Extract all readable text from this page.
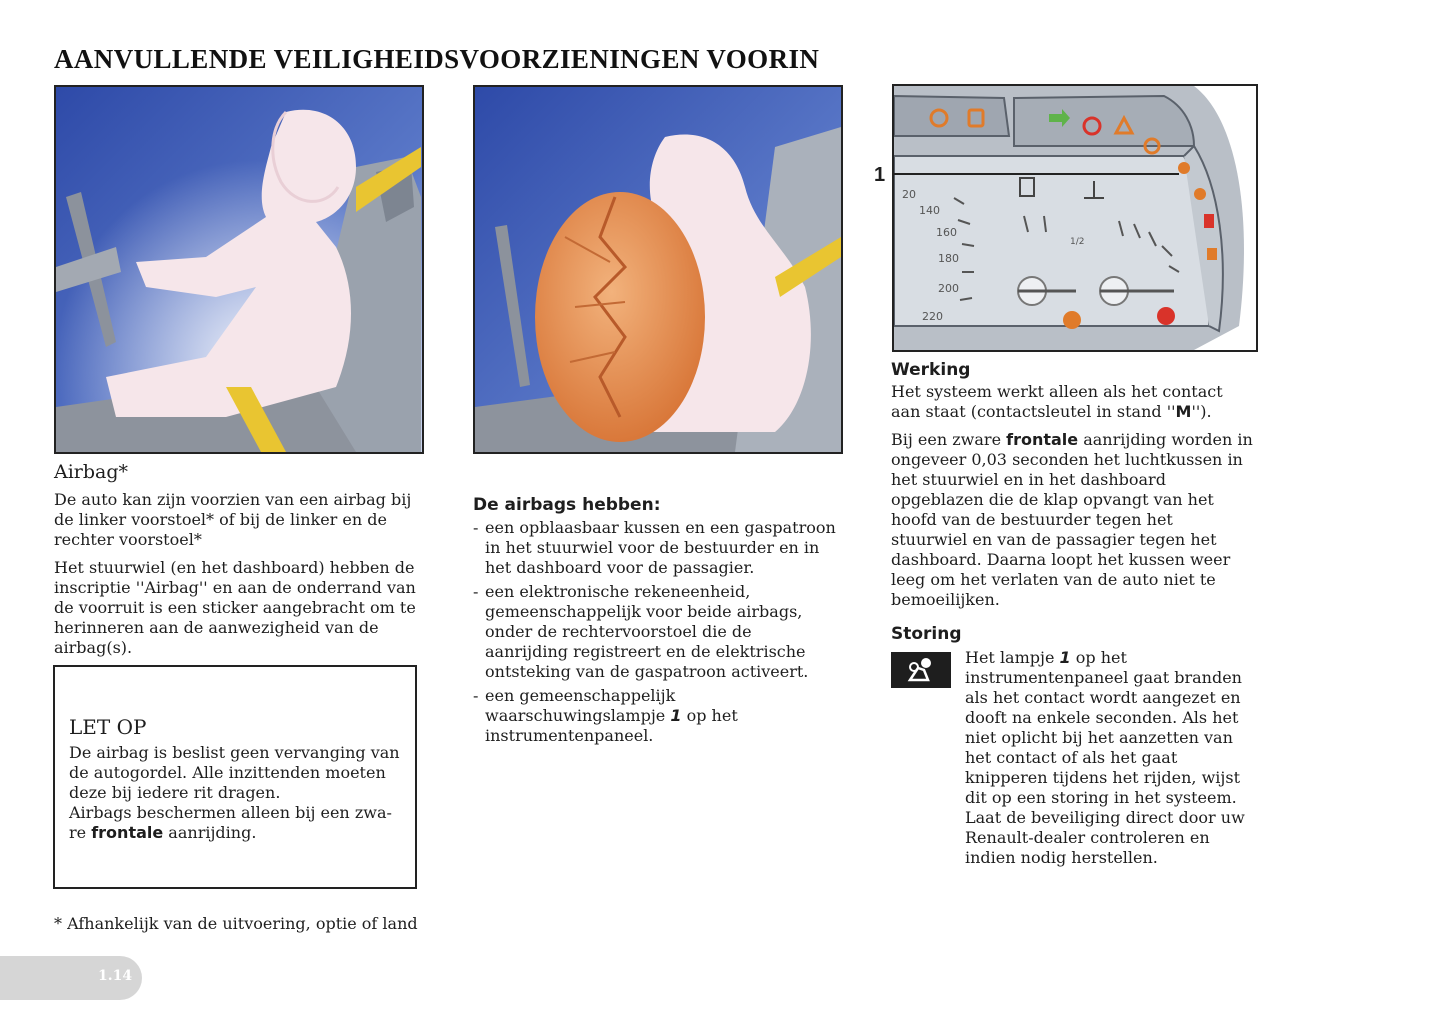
AANVULLENDE VEILIGHEIDSVOORZIENINGEN VOORIN
20
140
160
180
200
220
1/2
1
Airbag*

De auto kan zijn voorzien van een airbag bij de linker voorstoel* of bij de linker en de rechter voorstoel*

Het stuurwiel (en het dashboard) hebben de inscriptie ''Airbag'' en aan de onderrand van de voorruit is een sticker aangebracht om te herinneren aan de aanwezigheid van de airbag(s).

LET OP
De airbag is beslist geen vervanging van de autogordel. Alle inzittenden moeten deze bij iedere rit dragen.
Airbags beschermen alleen bij een zwa-re frontale aanrijding.
* Afhankelijk van de uitvoering, optie of land
De airbags hebben:
- een opblaasbaar kussen en een gaspatroon in het stuurwiel voor de bestuurder en in het dashboard voor de passagier.
- een elektronische rekeneenheid, gemeenschappelijk voor beide airbags, onder de rechtervoorstoel die de aanrijding registreert en de elektrische ontsteking van de gaspatroon activeert.
- een gemeenschappelijk waarschuwingslampje 1 op het instrumentenpaneel.
Werking

Het systeem werkt alleen als het contact aan staat (contactsleutel in stand ''M'').

Bij een zware frontale aanrijding worden in ongeveer 0,03 seconden het luchtkussen in het stuurwiel en in het dashboard opgeblazen die de klap opvangt van het hoofd van de bestuurder tegen het stuurwiel en van de passagier tegen het dashboard. Daarna loopt het kussen weer leeg om het verlaten van de auto niet te bemoeilijken.

Storing
Het lampje 1 op het instrumentenpaneel gaat branden als het contact wordt aangezet en dooft na enkele seconden. Als het niet oplicht bij het aanzetten van het contact of als het gaat knipperen tijdens het rijden, wijst dit op een storing in het systeem. Laat de beveiliging direct door uw Renault-dealer controleren en indien nodig herstellen.
1.14
